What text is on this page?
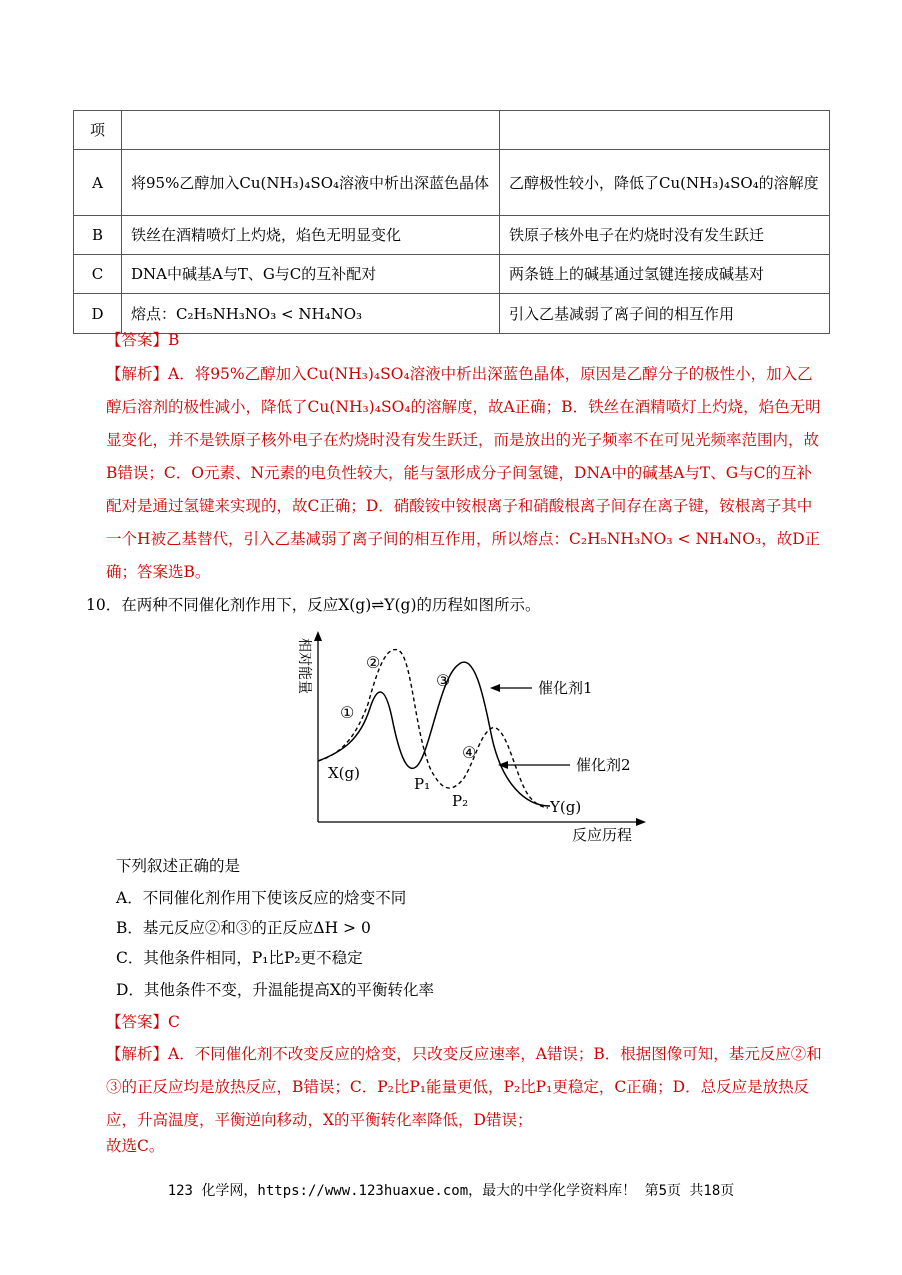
项		
A	将95%乙醇加入Cu(NH₃)₄SO₄溶液中析出深蓝色晶体	乙醇极性较小，降低了Cu(NH₃)₄SO₄的溶解度
B	铁丝在酒精喷灯上灼烧，焰色无明显变化	铁原子核外电子在灼烧时没有发生跃迁
C	DNA中碱基A与T、G与C的互补配对	两条链上的碱基通过氢键连接成碱基对
D	熔点：C₂H₅NH₃NO₃ < NH₄NO₃	引入乙基减弱了离子间的相互作用
【答案】B
【解析】A．将95%乙醇加入Cu(NH₃)₄SO₄溶液中析出深蓝色晶体，原因是乙醇分子的极性小，加入乙醇后溶剂的极性减小，降低了Cu(NH₃)₄SO₄的溶解度，故A正确；B．铁丝在酒精喷灯上灼烧，焰色无明显变化，并不是铁原子核外电子在灼烧时没有发生跃迁，而是放出的光子频率不在可见光频率范围内，故B错误；C．O元素、N元素的电负性较大，能与氢形成分子间氢键，DNA中的碱基A与T、G与C的互补配对是通过氢键来实现的，故C正确；D．硝酸铵中铵根离子和硝酸根离子间存在离子键，铵根离子其中一个H被乙基替代，引入乙基减弱了离子间的相互作用，所以熔点：C₂H₅NH₃NO₃ < NH₄NO₃，故D正确；答案选B。
10．在两种不同催化剂作用下，反应X(g)⇌Y(g)的历程如图所示。
相对能量
反应历程
X(g)
P₁
P₂	Y(g)
①
②
③
④
催化剂1
催化剂2
下列叙述正确的是
A．不同催化剂作用下使该反应的焓变不同
B．基元反应②和③的正反应ΔH > 0
C．其他条件相同，P₁比P₂更不稳定
D．其他条件不变，升温能提高X的平衡转化率
【答案】C
【解析】A．不同催化剂不改变反应的焓变，只改变反应速率，A错误；B．根据图像可知，基元反应②和③的正反应均是放热反应，B错误；C．P₂比P₁能量更低，P₂比P₁更稳定，C正确；D．总反应是放热反应，升高温度，平衡逆向移动，X的平衡转化率降低，D错误；
故选C。
123 化学网，https://www.123huaxue.com，最大的中学化学资料库！ 第5页 共18页
